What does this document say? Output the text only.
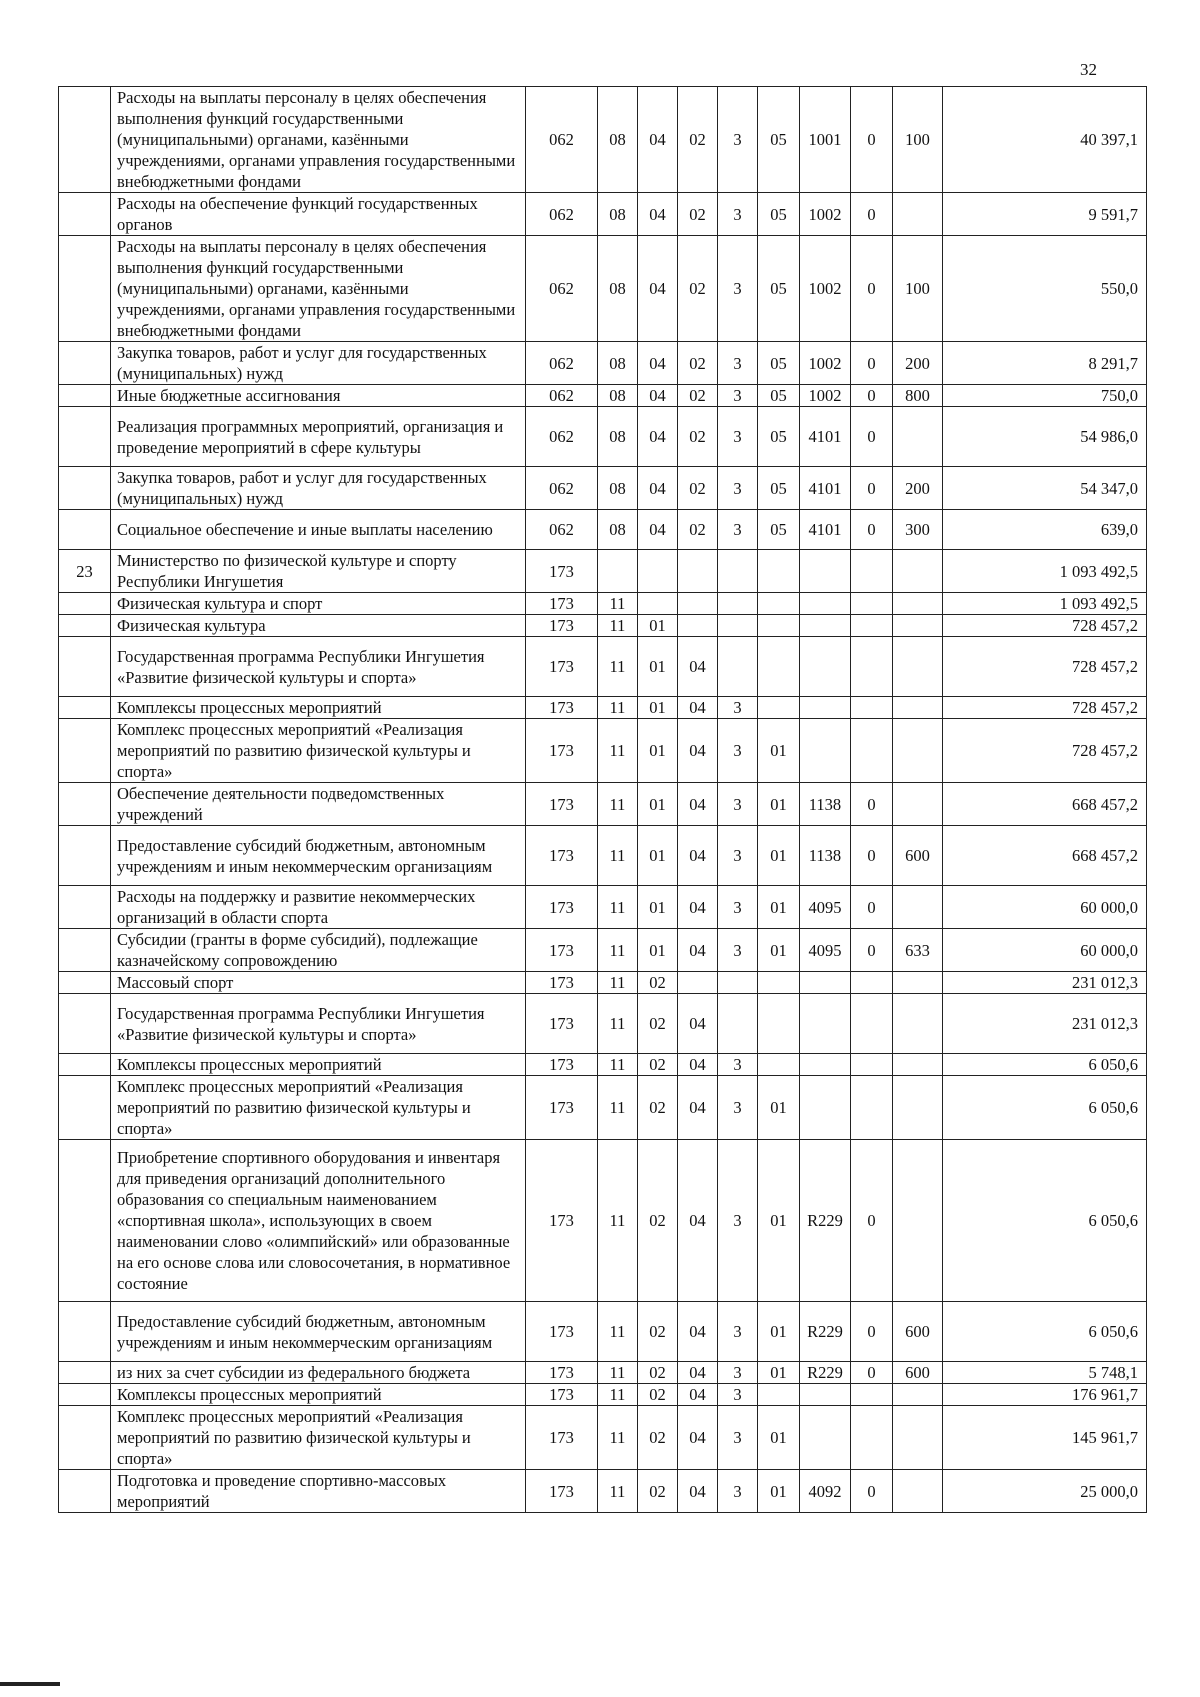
32
	Расходы на выплаты персоналу в целях обеспечения выполнения функций государственными (муниципальными) органами, казёнными учреждениями, органами управления государственными внебюджетными фондами	062	08	04	02	3	05	1001	0	100	40 397,1
	Расходы на обеспечение функций государственных органов	062	08	04	02	3	05	1002	0		9 591,7
	Расходы на выплаты персоналу в целях обеспечения выполнения функций государственными (муниципальными) органами, казёнными учреждениями, органами управления государственными внебюджетными фондами	062	08	04	02	3	05	1002	0	100	550,0
	Закупка товаров, работ и услуг для государственных (муниципальных) нужд	062	08	04	02	3	05	1002	0	200	8 291,7
	Иные бюджетные ассигнования	062	08	04	02	3	05	1002	0	800	750,0
	Реализация программных мероприятий, организация и проведение мероприятий в сфере культуры	062	08	04	02	3	05	4101	0		54 986,0
	Закупка товаров, работ и услуг для государственных (муниципальных) нужд	062	08	04	02	3	05	4101	0	200	54 347,0
	Социальное обеспечение и иные выплаты населению	062	08	04	02	3	05	4101	0	300	639,0
23	Министерство по физической культуре и спорту Республики Ингушетия	173									1 093 492,5
	Физическая культура и спорт	173	11								1 093 492,5
	Физическая культура	173	11	01							728 457,2
	Государственная программа Республики Ингушетия «Развитие физической культуры и спорта»	173	11	01	04						728 457,2
	Комплексы процессных мероприятий	173	11	01	04	3					728 457,2
	Комплекс процессных мероприятий «Реализация мероприятий по развитию физической культуры и спорта»	173	11	01	04	3	01				728 457,2
	Обеспечение деятельности подведомственных учреждений	173	11	01	04	3	01	1138	0		668 457,2
	Предоставление субсидий бюджетным, автономным учреждениям и иным некоммерческим организациям	173	11	01	04	3	01	1138	0	600	668 457,2
	Расходы на поддержку и развитие некоммерческих организаций в области спорта	173	11	01	04	3	01	4095	0		60 000,0
	Субсидии (гранты в форме субсидий), подлежащие казначейскому сопровождению	173	11	01	04	3	01	4095	0	633	60 000,0
	Массовый спорт	173	11	02							231 012,3
	Государственная программа Республики Ингушетия «Развитие физической культуры и спорта»	173	11	02	04						231 012,3
	Комплексы процессных мероприятий	173	11	02	04	3					6 050,6
	Комплекс процессных мероприятий «Реализация мероприятий по развитию физической культуры и спорта»	173	11	02	04	3	01				6 050,6
	Приобретение спортивного оборудования и инвентаря для приведения организаций дополнительного образования со специальным наименованием «спортивная школа», использующих в своем наименовании слово «олимпийский» или образованные на его основе слова или словосочетания, в нормативное состояние	173	11	02	04	3	01	R229	0		6 050,6
	Предоставление субсидий бюджетным, автономным учреждениям и иным некоммерческим организациям	173	11	02	04	3	01	R229	0	600	6 050,6
	из них за счет субсидии из федерального бюджета	173	11	02	04	3	01	R229	0	600	5 748,1
	Комплексы процессных мероприятий	173	11	02	04	3					176 961,7
	Комплекс процессных мероприятий «Реализация мероприятий по развитию физической культуры и спорта»	173	11	02	04	3	01				145 961,7
	Подготовка и проведение спортивно-массовых мероприятий	173	11	02	04	3	01	4092	0		25 000,0
